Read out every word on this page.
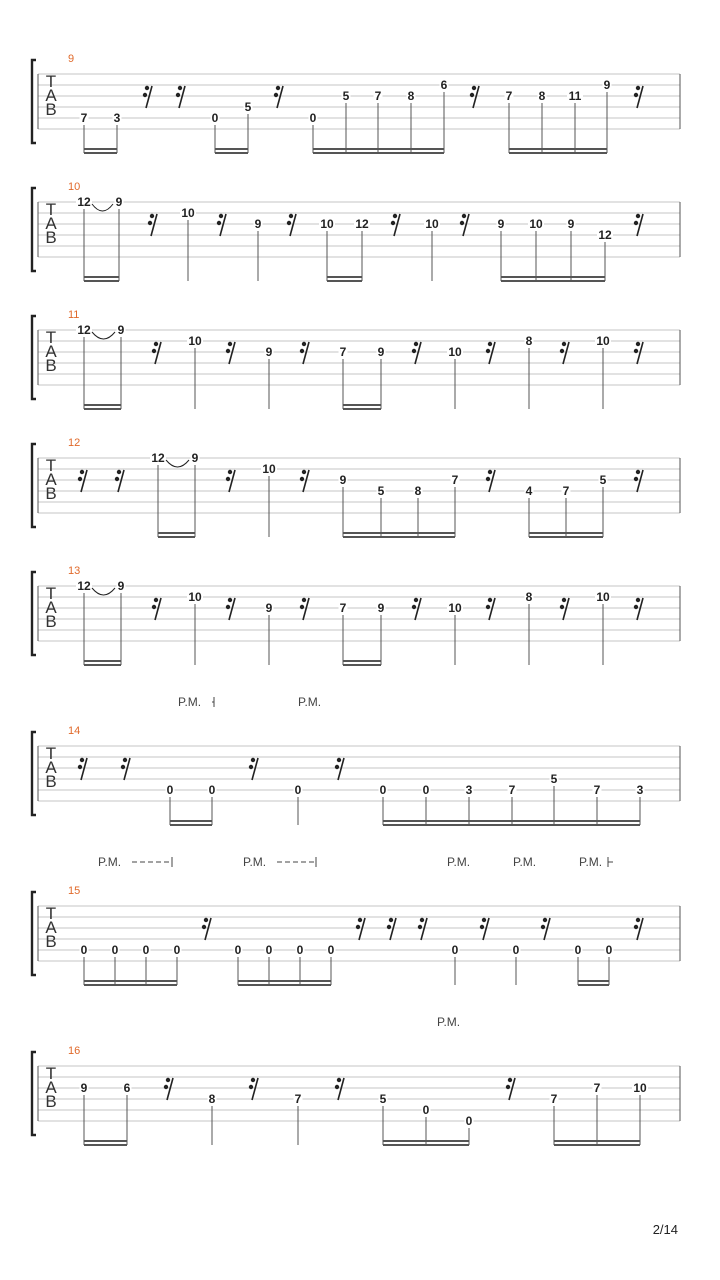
T
A
B
9
7 3	0
5
0
5 7 8
6
7 8 11
9
T
A
B
10
12 9
10
9	10 12	10	9 10 9
12
T
A
B
11
12 9
10
9	7	9	10
8	10
T
A
B
12
12 9
10
9
5	8
7
4	7
5
T
A
B
13
12 9
10
9	7	9	10
8	10
T
A
B
14
P.M.	P.M.
0	0	0	0	0	3	7
5
7	3
T
A
B
15
P.M.	P.M.	P.M.	P.M.	P.M.
0 0 0 0	0 0 0 0	0	0	0 0
T
A
B
16
P.M.
9	6
8	7	5
0
0
7
7	10
2/14
